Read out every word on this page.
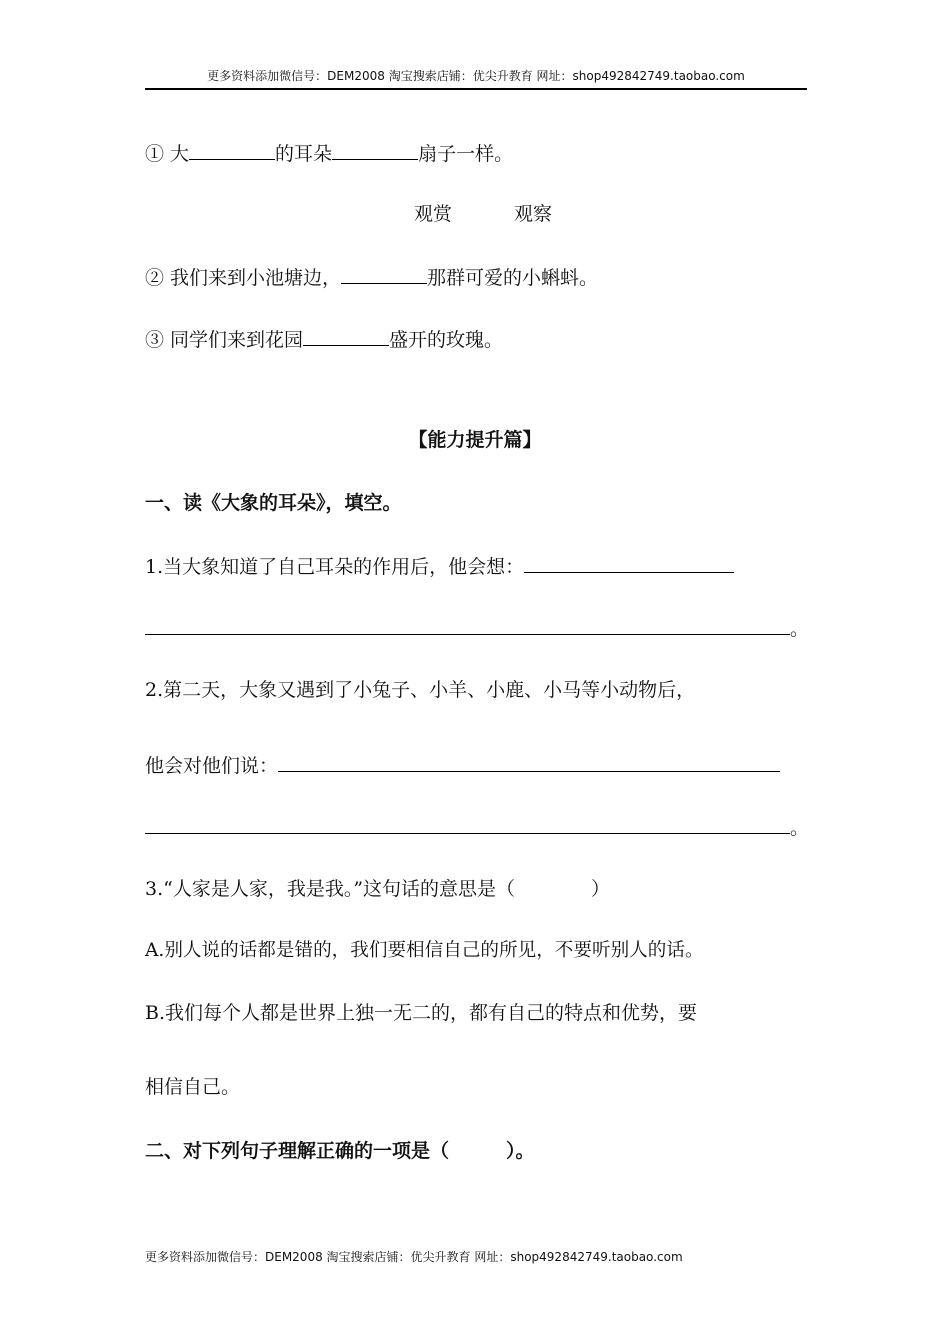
更多资料添加微信号：DEM2008 淘宝搜索店铺：优尖升教育 网址：shop492842749.taobao.com
① 大	的耳朵	扇子一样。
观赏	观察
② 我们来到小池塘边，	那群可爱的小蝌蚪。
③ 同学们来到花园	盛开的玫瑰。
【能力提升篇】
一、读《大象的耳朵》，填空。
1.当大象知道了自己耳朵的作用后，他会想：
。
2.第二天，大象又遇到了小兔子、小羊、小鹿、小马等小动物后，
他会对他们说：
。
3.“人家是人家，我是我。”这句话的意思是（　　　　）
A.别人说的话都是错的，我们要相信自己的所见，不要听别人的话。
B.我们每个人都是世界上独一无二的，都有自己的特点和优势，要
相信自己。
二、对下列句子理解正确的一项是（　　　）。
更多资料添加微信号：DEM2008 淘宝搜索店铺：优尖升教育 网址：shop492842749.taobao.com
